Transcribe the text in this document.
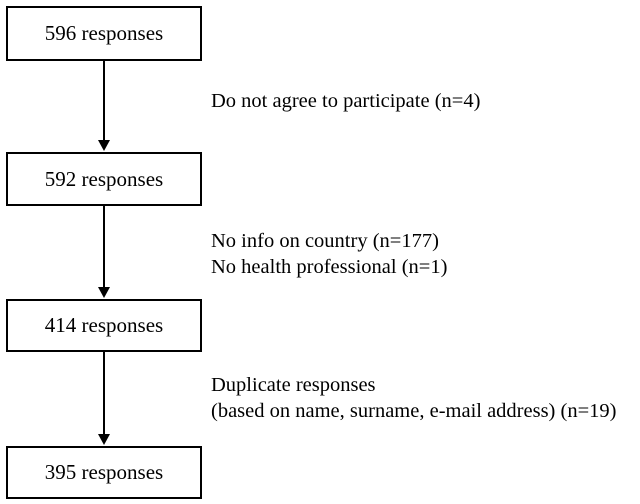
596 responses
Do not agree to participate (n=4)
592 responses
No info on country (n=177)
No health professional (n=1)
414 responses
Duplicate responses
(based on name, surname, e-mail address) (n=19)
395 responses
